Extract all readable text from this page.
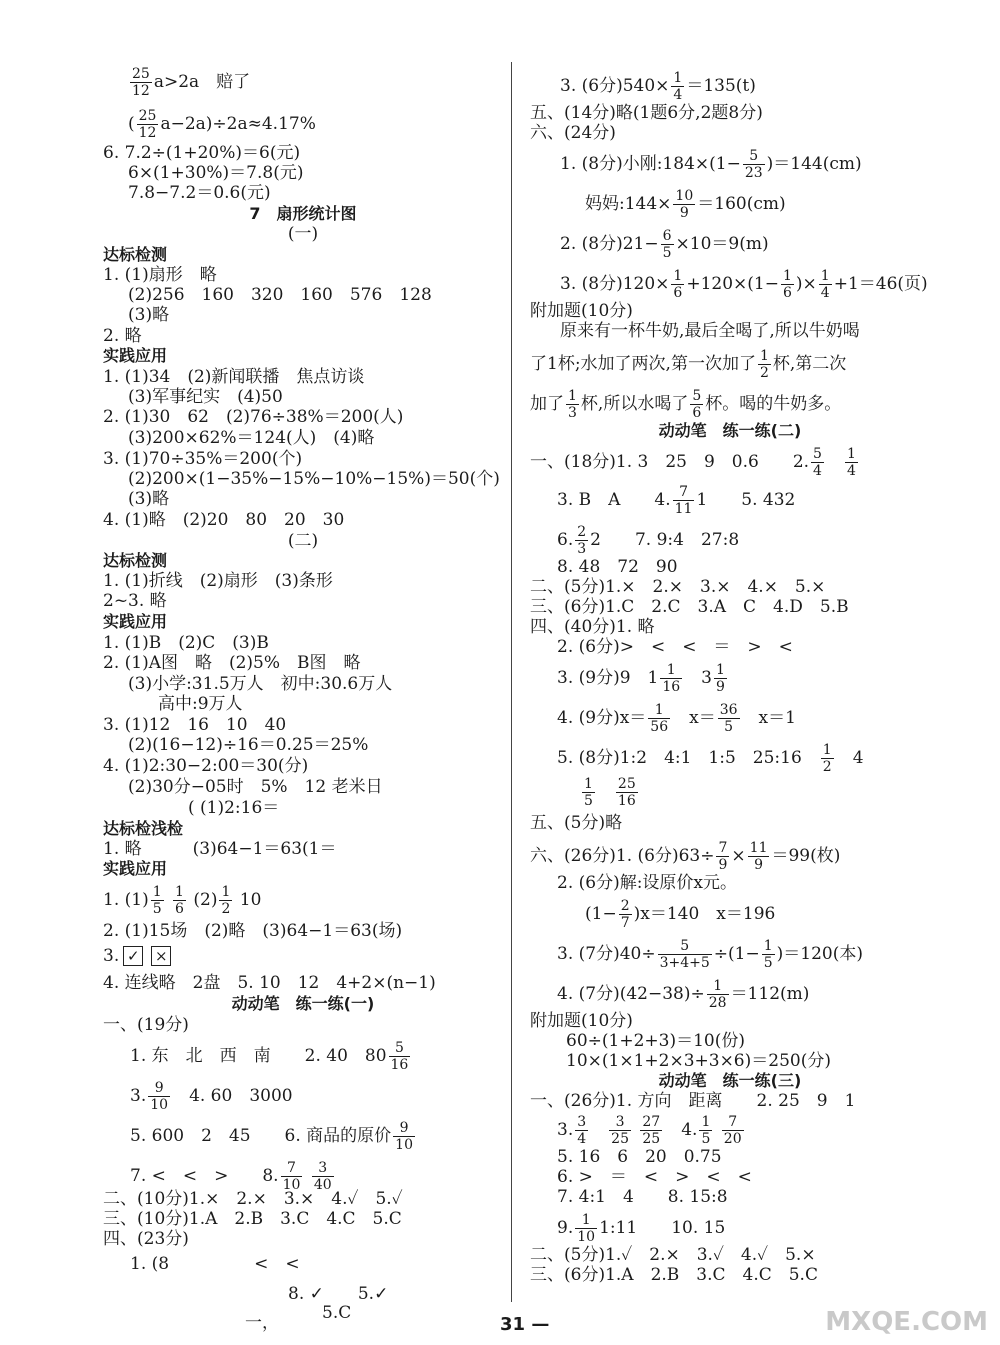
$\frac{25}{12} a>2a$　赔了
( $\frac{25}{12} a-2a)\div 2a\approx 4.17\%$
6. 7.2÷(1+20%)＝6(元)
6×(1+30%)＝7.8(元)
7.8−7.2＝0.6(元)
7　扇形统计图
(一)
达标检测
1. (1)扇形　略
(2)256　160　320　160　576　128
(3)略
2. 略
实践应用
1. (1)34　(2)新闻联播　焦点访谈
(3)军事纪实　(4)50
2. (1)30　62　(2)76÷38%＝200(人)
(3)200×62%＝124(人)　(4)略
3. (1)70÷35%＝200(个)
(2)200×(1−35%−15%−10%−15%)＝50(个)
(3)略
4. (1)略　(2)20　80　20　30
(二)
达标检测
1. (1)折线　(2)扇形　(3)条形
2~3. 略
实践应用
1. (1)B　(2)C　(3)B
2. (1)A图　略　(2)5%　B图　略
(3)小学:31.5万人　初中:30.6万人
高中:9万人
3. (1)12　16　10　40
(2)(16−12)÷16＝0.25＝25%
4. (1)2:30−2:00＝30(分)
(2)30分−05时　5%　12 老米日
( (1)2:16＝
达标检浅检
1. 略　　　(3)64−1＝63(1＝
实践应用
1. $(1) \frac{1}{5}$
$\frac{1}{6} (2) \frac{1}{2} 10$
2. (1)15场　(2)略　(3)64−1＝63(场)
3. ✓ ×
4. 连线略　2盘　5. 10　12　4+2×(n−1)
动动笔　练一练(一)
一、(19分)
1. 东　北　西　南　　2. 40　$80 \frac{5}{16}$
3. $\frac{9}{10}$
　 4. 60　3000
5. 600　2　45　　6. 商品的原价 $\frac{9}{10}$
7. <　<　>　　8. $\frac{7}{10}$
$\frac{3}{40}$
二、(10分)1.×　2.×　3.×　4.✓　5.✓
三、(10分)1.A　2.B　3.C　4.C　5.C
四、(23分)
1. (8　　　　　<　<
8. ✓　　5.✓
5.C
一，
3. (6分)$540\times \frac{1}{4} =135(t)$
五、(14分)略(1题6分,2题8分)
六、(24分)
1. (8分)小刚:184×(1− $\frac{5}{23} )=144(cm)$
妈妈:144× $\frac{10}{9} =160(cm)$
2. (8分)$21- \frac{6}{5} \times 10=9(m)$
3. (8分)$120\times \frac{1}{6} +120\times(1- \frac{1}{6}$ )× $\frac{1}{4} +1=46$(页)
附加题(10分)
原来有一杯牛奶,最后全喝了,所以牛奶喝
了1杯;水加了两次,第一次加了 $\frac{1}{2}$ 杯,第二次
加了 $\frac{1}{3}$ 杯,所以水喝了 $\frac{5}{6}$ 杯。喝的牛奶多。
动动笔　练一练(二)
一、(18分)1. 3　25　9　0.6　　2. $\frac{5}{4}$
　 $\frac{1}{4}$
3. B　A　　4. $\frac{7}{11} 1$　　5. 432
6. $\frac{2}{3} 2$　　7. 9:4　27:8
8. 48　72　90
二、(5分)1.×　2.×　3.×　4.×　5.×
三、(6分)1.C　2.C　3.A　C　4.D　5.B
四、(40分)1. 略
2. (6分)>　<　<　＝　>　<
3. (9分)9　$1 \frac{1}{16}$
　 $3 \frac{1}{9}$
4. (9分)$x= \frac{1}{56}$
　 $x= \frac{36}{5}$
　 x＝1
5. (8分)1:2　4:1　1:5　25:16　 $\frac{1}{2}$
　 4
$\frac{1}{5}$
　 $\frac{25}{16}$
五、(5分)略
六、(26分)1. (6分)$63\div \frac{7}{9} \times \frac{11}{9} =99$(枚)
2. (6分)解:设原价x元。
$(1- \frac{2}{7} )x=140$　x＝196
3. (7分)$40\div \frac{5}{3+4+5} \div(1- \frac{1}{5} )=120$(本)
4. (7分)$(42-38)\div \frac{1}{28} =112(m)$
附加题(10分)
60÷(1+2+3)＝10(份)
10×(1×1+2×3+3×6)＝250(分)
动动笔　练一练(三)
一、(26分)1. 方向　距离　　2. 25　9　1
3. $\frac{3}{4}$
　 $\frac{3}{25}$
$\frac{27}{25}$
　 4. $\frac{1}{5}$
$\frac{7}{20}$
5. 16　6　20　0.75
6. >　＝　<　>　<　<
7. 4:1　4　　8. 15:8
9. $\frac{1}{10}$ 1:11　　10. 15
二、(5分)1.✓　2.×　3.✓　4.✓　5.×
三、(6分)1.A　2.B　3.C　4.C　5.C
31 —	MXQE.COM
